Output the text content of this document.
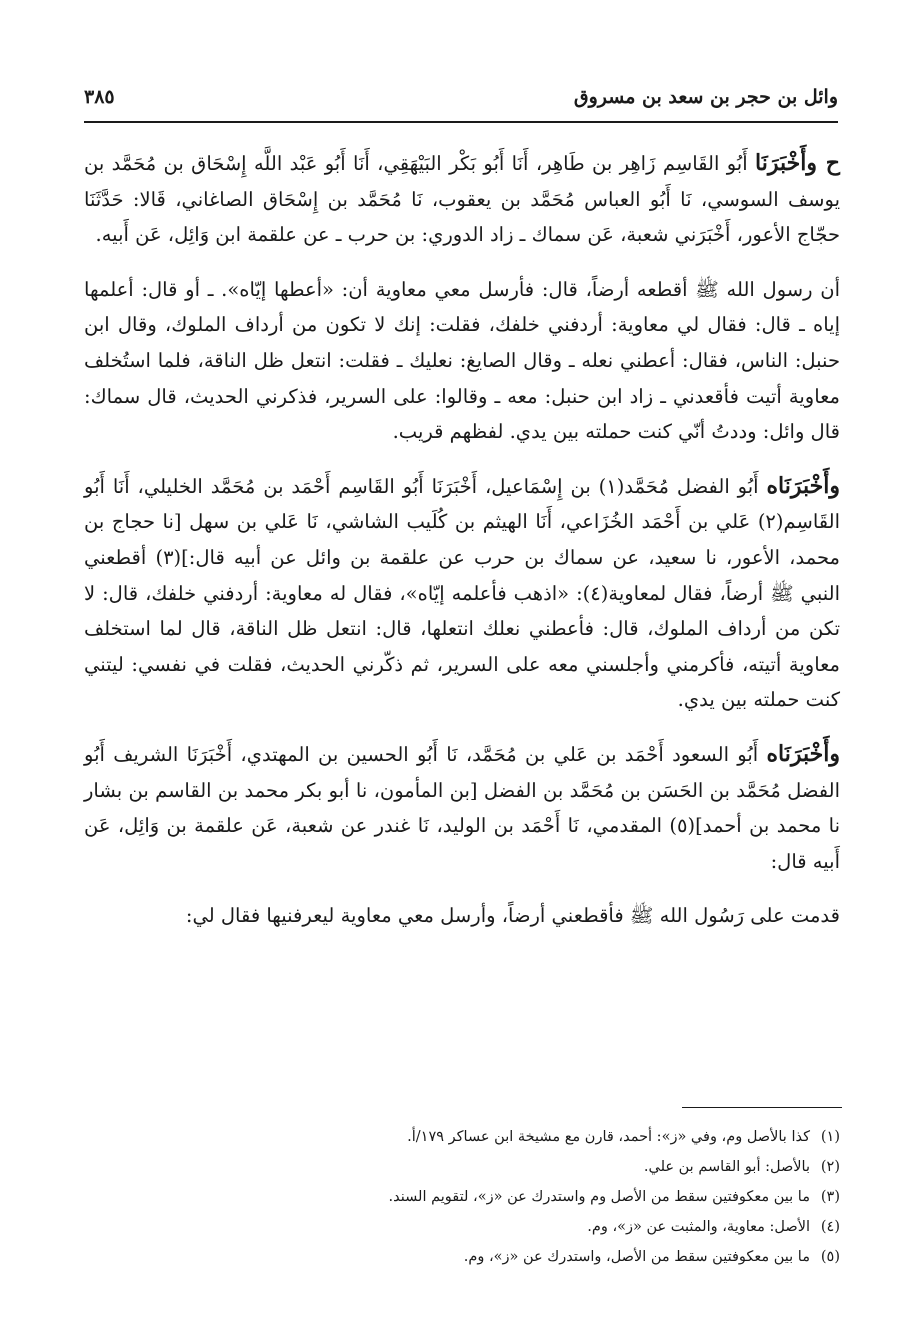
وائل بن حجر بن سعد بن مسروق
٣٨٥

ح وأَخْبَرَنَا أَبُو القَاسِم زَاهِر بن طَاهِر، أَنَا أَبُو بَكْر البَيْهَقِي، أَنَا أَبُو عَبْد اللَّه إِسْحَاق بن مُحَمَّد بن يوسف السوسي، نَا أَبُو العباس مُحَمَّد بن يعقوب، نَا مُحَمَّد بن إِسْحَاق الصاغاني، قَالا: حَدَّثَنَا حجّاج الأعور، أَخْبَرَني شعبة، عَن سماك ـ زاد الدوري: بن حرب ـ عن علقمة ابن وَائِل، عَن أَبيه.

أن رسول الله ﷺ أقطعه أرضاً، قال: فأرسل معي معاوية أن: «أعطها إيّاه». ـ أو قال: أعلمها إياه ـ قال: فقال لي معاوية: أردفني خلفك، فقلت: إنك لا تكون من أرداف الملوك، وقال ابن حنبل: الناس، فقال: أعطني نعله ـ وقال الصايغ: نعليك ـ فقلت: انتعل ظل الناقة، فلما استُخلف معاوية أتيت فأقعدني ـ زاد ابن حنبل: معه ـ وقالوا: على السرير، فذكرني الحديث، قال سماك: قال وائل: وددتُ أنّي كنت حملته بين يدي. لفظهم قريب.

وأَخْبَرَنَاه أَبُو الفضل مُحَمَّد(١) بن إِسْمَاعيل، أَخْبَرَنَا أَبُو القَاسِم أَحْمَد بن مُحَمَّد الخليلي، أَنَا أَبُو القَاسِم(٢) عَلي بن أَحْمَد الخُزَاعي، أَنَا الهيثم بن كُلَيب الشاشي، نَا عَلي بن سهل [نا حجاج بن محمد، الأعور، نا سعيد، عن سماك بن حرب عن علقمة بن وائل عن أبيه قال:](٣) أقطعني النبي ﷺ أرضاً، فقال لمعاوية(٤): «اذهب فأعلمه إيّاه»، فقال له معاوية: أردفني خلفك، قال: لا تكن من أرداف الملوك، قال: فأعطني نعلك انتعلها، قال: انتعل ظل الناقة، قال لما استخلف معاوية أتيته، فأكرمني وأجلسني معه على السرير، ثم ذكّرني الحديث، فقلت في نفسي: ليتني كنت حملته بين يدي.

وأَخْبَرَنَاه أَبُو السعود أَحْمَد بن عَلي بن مُحَمَّد، نَا أَبُو الحسين بن المهتدي، أَخْبَرَنَا الشريف أَبُو الفضل مُحَمَّد بن الحَسَن بن مُحَمَّد بن الفضل [بن المأمون، نا أبو بكر محمد بن القاسم بن بشار نا محمد بن أحمد](٥) المقدمي، نَا أَحْمَد بن الوليد، نَا غندر عن شعبة، عَن علقمة بن وَائِل، عَن أَبيه قال:

قدمت على رَسُول الله ﷺ فأقطعني أرضاً، وأرسل معي معاوية ليعرفنيها فقال لي:

(١)كذا بالأصل وم، وفي «ز»: أحمد، قارن مع مشيخة ابن عساكر ١٧٩/أ.

(٢)بالأصل: أبو القاسم بن علي.

(٣)ما بين معكوفتين سقط من الأصل وم واستدرك عن «ز»، لتقويم السند.

(٤)الأصل: معاوية، والمثبت عن «ز»، وم.

(٥)ما بين معكوفتين سقط من الأصل، واستدرك عن «ز»، وم.
